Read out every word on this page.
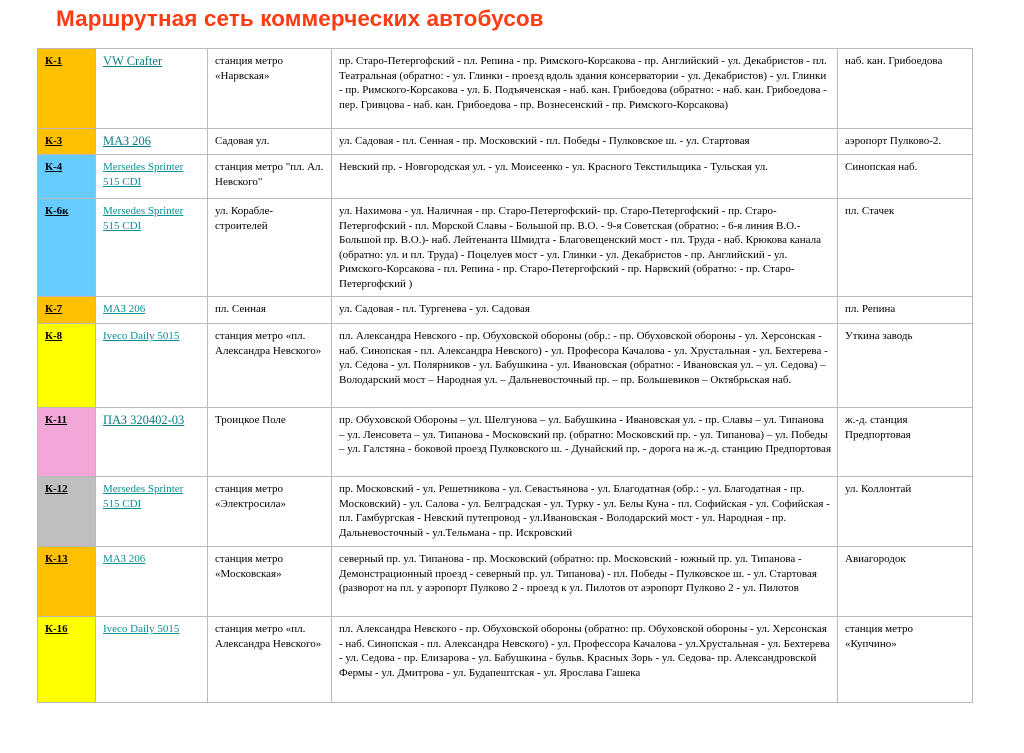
Маршрутная сеть коммерческих автобусов
К-1	VW Crafter	станция метро «Нарвская»	пр. Старо-Петергофский - пл. Репина - пр. Римского-Корсакова - пр. Английский - ул. Декабристов - пл. Театральная (обратно: - ул. Глинки - проезд вдоль здания консерватории - ул. Декабристов) - ул. Глинки - пр. Римского-Корсакова - ул. Б. Подъяченская - наб. кан. Грибоедова (обратно: - наб. кан. Грибоедова - пер. Гривцова - наб. кан. Грибоедова - пр. Вознесенский - пр. Римского-Корсакова)	наб. кан. Грибоедова
К-3	МАЗ 206	Садовая ул.	ул. Садовая - пл. Сенная - пр. Московский - пл. Победы - Пулковское ш. - ул. Стартовая	аэропорт Пулково-2.
К-4	Mersedes Sprinter 515 CDI	станция метро "пл. Ал. Невского"	Невский пр. - Новгородская ул. - ул. Моисеенко - ул. Красного Текстильщика - Тульская ул.	Синопская наб.
К-6к	Mersedes Sprinter 515 CDI	ул. Корабле-строителей	ул. Нахимова - ул. Наличная - пр. Старо-Петергофский- пр. Старо-Петергофский - пр. Старо-Петергофский - пл. Морской Славы - Большой пр. В.О. - 9-я Советская (обратно: - 6-я линия В.О.- Большой пр. В.О.)- наб. Лейтенанта Шмидта - Благовещенский мост - пл. Труда - наб. Крюкова канала (обратно: ул. и пл. Труда) - Поцелуев мост - ул. Глинки - ул. Декабристов - пр. Английский - ул. Римского-Корсакова - пл. Репина - пр. Старо-Петергофский - пр. Нарвский (обратно: - пр. Старо-Петергофский )	пл. Стачек
К-7	МАЗ 206	пл. Сенная	ул. Садовая - пл. Тургенева - ул. Садовая	пл. Репина
К-8	Iveco Daily 5015	станция метро «пл. Александра Невского»	пл. Александра Невского - пр. Обуховской обороны (обр.: - пр. Обуховской обороны - ул. Херсонская - наб. Синопская - пл. Александра Невского) - ул. Професора Качалова - ул. Хрустальная - ул. Бехтерева - ул. Седова - ул. Полярников - ул. Бабушкина - ул. Ивановская (обратно: - Ивановская ул. – ул. Седова) – Володарский мост – Народная ул. – Дальневосточный пр. – пр. Большевиков – Октябрьская наб.	Уткина заводь
К-11	ПАЗ 320402-03	Троицкое Поле	пр. Обуховской Обороны – ул. Шелгунова – ул. Бабушкина - Ивановская ул. - пр. Славы – ул. Типанова – ул. Ленсовета – ул. Типанова - Московский пр. (обратно: Московский пр. - ул. Типанова) – ул. Победы – ул. Галстяна - боковой проезд Пулковского ш. - Дунайский пр. - дорога на ж.-д. станцию Предпортовая	ж.-д. станция Предпортовая
К-12	Mersedes Sprinter 515 CDI	станция метро «Электросила»	пр. Московский - ул. Решетникова - ул. Севастьянова - ул. Благодатная (обр.: - ул. Благодатная - пр. Московский) - ул. Салова - ул. Белградская - ул. Турку - ул. Белы Куна - пл. Софийская - ул. Софийская - пл. Гамбургская - Невский путепровод - ул.Ивановская - Володарский мост - ул. Народная - пр. Дальневосточный - ул.Тельмана - пр. Искровский	ул. Коллонтай
К-13	МАЗ 206	станция метро «Московская»	северный пр. ул. Типанова - пр. Московский (обратно: пр. Московский - южный пр. ул. Типанова - Демонстрационный проезд - северный пр. ул. Типанова) - пл. Победы - Пулковское ш. - ул. Стартовая (разворот на пл. у аэропорт Пулково 2 - проезд к ул. Пилотов от аэропорт Пулково 2 - ул. Пилотов	Авиагородок
К-16	Iveco Daily 5015	станция метро «пл. Александра Невского»	пл. Александра Невского - пр. Обуховской обороны (обратно: пр. Обуховской обороны - ул. Херсонская - наб. Синопская - пл. Александра Невского) - ул. Профессора Качалова - ул.Хрустальная - ул. Бехтерева - ул. Седова - пр. Елизарова - ул. Бабушкина - бульв. Красных Зорь - ул. Седова- пр. Александровской Фермы - ул. Дмитрова - ул. Будапештская - ул. Ярослава Гашека	станция метро «Купчино»
